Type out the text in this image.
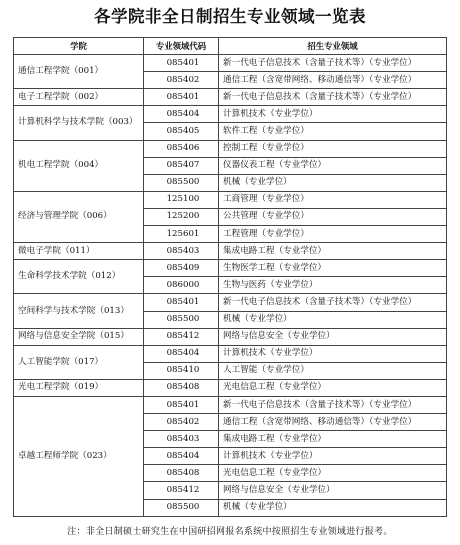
各学院非全日制招生专业领域一览表
学院	专业领域代码	招生专业领域
通信工程学院（001）	085401	新一代电子信息技术（含量子技术等）（专业学位）
	085402	通信工程（含宽带网络、移动通信等）（专业学位）
电子工程学院（002）	085401	新一代电子信息技术（含量子技术等）（专业学位）
计算机科学与技术学院（003）	085404	计算机技术（专业学位）
	085405	软件工程（专业学位）
机电工程学院（004）	085406	控制工程（专业学位）
	085407	仪器仪表工程（专业学位）
	085500	机械（专业学位）
经济与管理学院（006）	125100	工商管理（专业学位）
	125200	公共管理（专业学位）
	125601	工程管理（专业学位）
微电子学院（011）	085403	集成电路工程（专业学位）
生命科学技术学院（012）	085409	生物医学工程（专业学位）
	086000	生物与医药（专业学位）
空间科学与技术学院（013）	085401	新一代电子信息技术（含量子技术等）（专业学位）
	085500	机械（专业学位）
网络与信息安全学院（015）	085412	网络与信息安全（专业学位）
人工智能学院（017）	085404	计算机技术（专业学位）
	085410	人工智能（专业学位）
光电工程学院（019）	085408	光电信息工程（专业学位）
卓越工程师学院（023）	085401	新一代电子信息技术（含量子技术等）（专业学位）
	085402	通信工程（含宽带网络、移动通信等）（专业学位）
	085403	集成电路工程（专业学位）
	085404	计算机技术（专业学位）
	085408	光电信息工程（专业学位）
	085412	网络与信息安全（专业学位）
	085500	机械（专业学位）
注：非全日制硕士研究生在中国研招网报名系统中按照招生专业领域进行报考。
